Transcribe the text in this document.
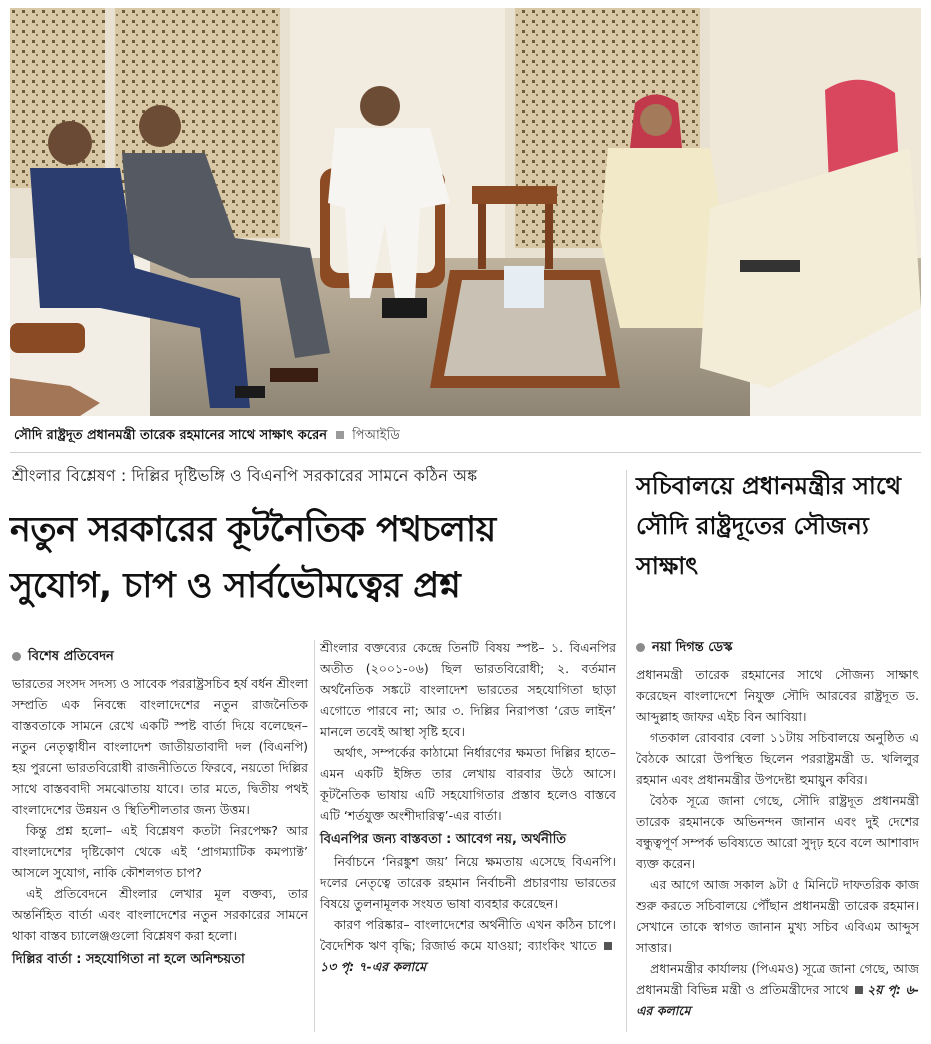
সৌদি রাষ্ট্রদূত প্রধানমন্ত্রী তারেক রহমানের সাথে সাক্ষাৎ করেন পিআইডি
শ্রীংলার বিশ্লেষণ : দিল্লির দৃষ্টিভঙ্গি ও বিএনপি সরকারের সামনে কঠিন অঙ্ক
নতুন সরকারের কূটনৈতিক পথচলায়
সুযোগ, চাপ ও সার্বভৌমত্বের প্রশ্ন
সচিবালয়ে প্রধানমন্ত্রীর সাথে সৌদি রাষ্ট্রদূতের সৌজন্য সাক্ষাৎ
বিশেষ প্রতিবেদন

ভারতের সংসদ সদস্য ও সাবেক পররাষ্ট্রসচিব হর্ষ বর্ধন শ্রীংলা সম্প্রতি এক নিবন্ধে বাংলাদেশের নতুন রাজনৈতিক বাস্তবতাকে সামনে রেখে একটি স্পষ্ট বার্তা দিয়ে বলেছেন– নতুন নেতৃত্বাধীন বাংলাদেশ জাতীয়তাবাদী দল (বিএনপি) হয় পুরনো ভারতবিরোধী রাজনীতিতে ফিরবে, নয়তো দিল্লির সাথে বাস্তববাদী সমঝোতায় যাবে। তার মতে, দ্বিতীয় পথই বাংলাদেশের উন্নয়ন ও স্থিতিশীলতার জন্য উত্তম।

কিন্তু প্রশ্ন হলো– এই বিশ্লেষণ কতটা নিরপেক্ষ? আর বাংলাদেশের দৃষ্টিকোণ থেকে এই ‘প্রাগম্যাটিক কমপ্যাক্ট’ আসলে সুযোগ, নাকি কৌশলগত চাপ?

এই প্রতিবেদনে শ্রীংলার লেখার মূল বক্তব্য, তার অন্তর্নিহিত বার্তা এবং বাংলাদেশের নতুন সরকারের সামনে থাকা বাস্তব চ্যালেঞ্জগুলো বিশ্লেষণ করা হলো।

দিল্লির বার্তা : সহযোগিতা না হলে অনিশ্চয়তা

শ্রীংলার বক্তব্যের কেন্দ্রে তিনটি বিষয় স্পষ্ট– ১. বিএনপির অতীত (২০০১-০৬) ছিল ভারতবিরোধী; ২. বর্তমান অর্থনৈতিক সঙ্কটে বাংলাদেশ ভারতের সহযোগিতা ছাড়া এগোতে পারবে না; আর ৩. দিল্লির নিরাপত্তা ‘রেড লাইন’ মানলে তবেই আস্থা সৃষ্টি হবে।

অর্থাৎ, সম্পর্কের কাঠামো নির্ধারণের ক্ষমতা দিল্লির হাতে– এমন একটি ইঙ্গিত তার লেখায় বারবার উঠে আসে। কূটনৈতিক ভাষায় এটি সহযোগিতার প্রস্তাব হলেও বাস্তবে এটি ‘শর্তযুক্ত অংশীদারিত্ব’-এর বার্তা।

বিএনপির জন্য বাস্তবতা : আবেগ নয়, অর্থনীতি

নির্বাচনে ‘নিরঙ্কুশ জয়’ নিয়ে ক্ষমতায় এসেছে বিএনপি। দলের নেতৃত্বে তারেক রহমান নির্বাচনী প্রচারণায় ভারতের বিষয়ে তুলনামূলক সংযত ভাষা ব্যবহার করেছেন।

কারণ পরিষ্কার– বাংলাদেশের অর্থনীতি এখন কঠিন চাপে। বৈদেশিক ঋণ বৃদ্ধি; রিজার্ভ কমে যাওয়া; ব্যাংকিং খাতে ১৩ পৃ: ৭-এর কলামে

নয়া দিগন্ত ডেস্ক

প্রধানমন্ত্রী তারেক রহমানের সাথে সৌজন্য সাক্ষাৎ করেছেন বাংলাদেশে নিযুক্ত সৌদি আরবের রাষ্ট্রদূত ড. আব্দুল্লাহ জাফর এইচ বিন আবিয়া।

গতকাল রোববার বেলা ১১টায় সচিবালয়ে অনুষ্ঠিত এ বৈঠকে আরো উপস্থিত ছিলেন পররাষ্ট্রমন্ত্রী ড. খলিলুর রহমান এবং প্রধানমন্ত্রীর উপদেষ্টা হুমায়ুন কবির।

বৈঠক সূত্রে জানা গেছে, সৌদি রাষ্ট্রদূত প্রধানমন্ত্রী তারেক রহমানকে অভিনন্দন জানান এবং দুই দেশের বন্ধুত্বপূর্ণ সম্পর্ক ভবিষ্যতে আরো সুদৃঢ় হবে বলে আশাবাদ ব্যক্ত করেন।

এর আগে আজ সকাল ৯টা ৫ মিনিটে দাফতরিক কাজ শুরু করতে সচিবালয়ে পৌঁছান প্রধানমন্ত্রী তারেক রহমান। সেখানে তাকে স্বাগত জানান মুখ্য সচিব এবিএম আব্দুস সাত্তার।

প্রধানমন্ত্রীর কার্যালয় (পিএমও) সূত্রে জানা গেছে, আজ প্রধানমন্ত্রী বিভিন্ন মন্ত্রী ও প্রতিমন্ত্রীদের সাথে ২য় পৃ: ৬-এর কলামে
